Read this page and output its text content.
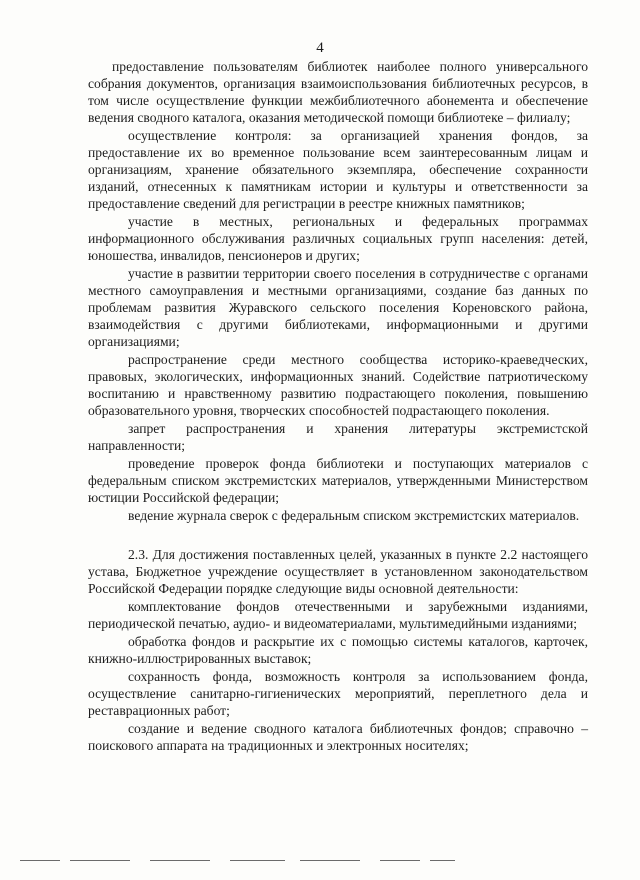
4

предоставление пользователям библиотек наиболее полного универсального собрания документов, организация взаимоиспользования библиотечных ресурсов, в том числе осуществление функции межбиблиотечного абонемента и обеспечение ведения сводного каталога, оказания методической помощи библиотеке – филиалу;

осуществление контроля: за организацией хранения фондов, за предоставление их во временное пользование всем заинтересованным лицам и организациям, хранение обязательного экземпляра, обеспечение сохранности изданий, отнесенных к памятникам истории и культуры и ответственности за предоставление сведений для регистрации в реестре книжных памятников;

участие в местных, региональных и федеральных программах информационного обслуживания различных социальных групп населения: детей, юношества, инвалидов, пенсионеров и других;

участие в развитии территории своего поселения в сотрудничестве с органами местного самоуправления и местными организациями, создание баз данных по проблемам развития Журавского сельского поселения Кореновского района, взаимодействия с другими библиотеками, информационными и другими организациями;

распространение среди местного сообщества историко-краеведческих, правовых, экологических, информационных знаний. Содействие патриотическому воспитанию и нравственному развитию подрастающего поколения, повышению образовательного уровня, творческих способностей подрастающего поколения.

запрет распространения и хранения литературы экстремистской направленности;

проведение проверок фонда библиотеки и поступающих материалов с федеральным списком экстремистских материалов, утвержденными Министерством юстиции Российской федерации;

ведение журнала сверок с федеральным списком экстремистских материалов.

2.3. Для достижения поставленных целей, указанных в пункте 2.2 настоящего устава, Бюджетное учреждение осуществляет в установленном законодательством Российской Федерации порядке следующие виды основной деятельности:

комплектование фондов отечественными и зарубежными изданиями, периодической печатью, аудио- и видеоматериалами, мультимедийными изданиями;

обработка фондов и раскрытие их с помощью системы каталогов, карточек, книжно-иллюстрированных выставок;

сохранность фонда, возможность контроля за использованием фонда, осуществление санитарно-гигиенических мероприятий, переплетного дела и реставрационных работ;

создание и ведение сводного каталога библиотечных фондов; справочно – поискового аппарата на традиционных и электронных носителях;
